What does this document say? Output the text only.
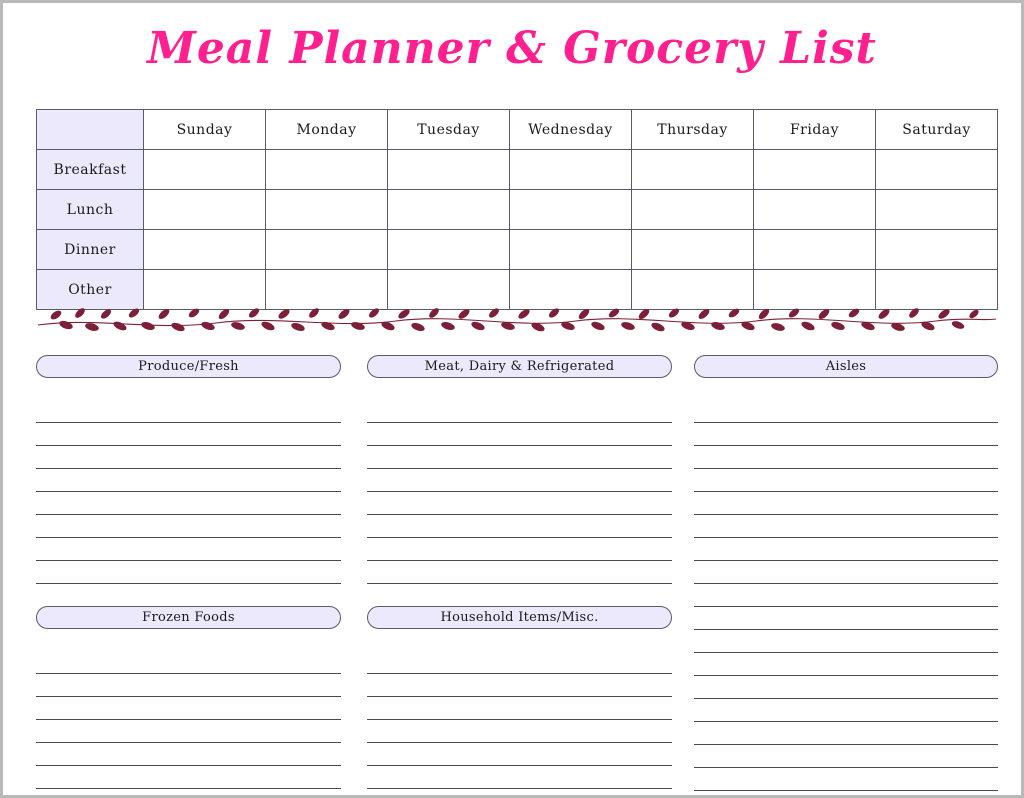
Meal Planner & Grocery List
	Sunday	Monday	Tuesday	Wednesday	Thursday	Friday	Saturday
Breakfast							
Lunch							
Dinner							
Other							
Produce/Fresh
Frozen Foods
Meat, Dairy & Refrigerated
Household Items/Misc.
Aisles
